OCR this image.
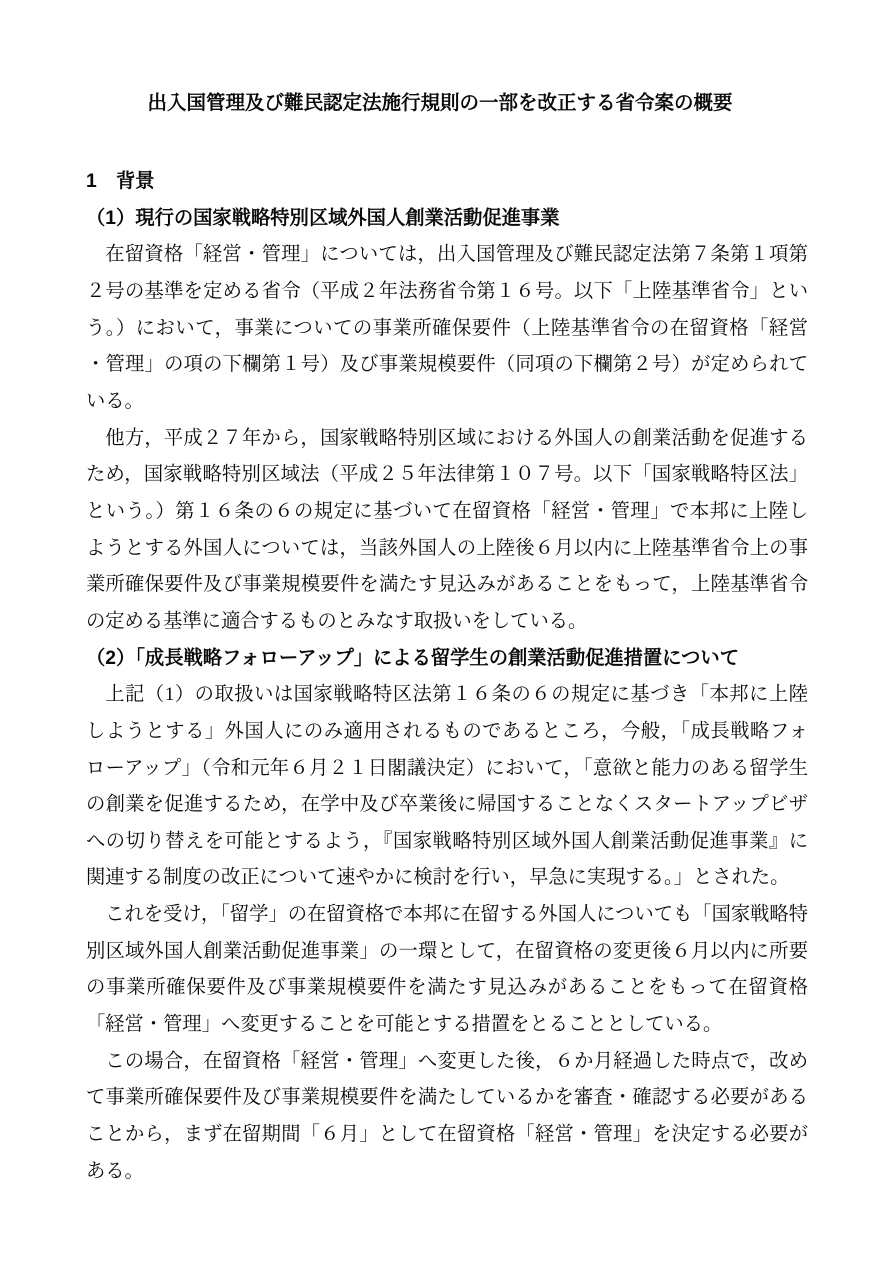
出入国管理及び難民認定法施行規則の一部を改正する省令案の概要
1　背景
（1）現行の国家戦略特別区域外国人創業活動促進事業

在留資格「経営・管理」については，出入国管理及び難民認定法第７条第１項第２号の基準を定める省令（平成２年法務省令第１６号。以下「上陸基準省令」という。）において，事業についての事業所確保要件（上陸基準省令の在留資格「経営・管理」の項の下欄第１号）及び事業規模要件（同項の下欄第２号）が定められている。

他方，平成２７年から，国家戦略特別区域における外国人の創業活動を促進するため，国家戦略特別区域法（平成２５年法律第１０７号。以下「国家戦略特区法」という。）第１６条の６の規定に基づいて在留資格「経営・管理」で本邦に上陸しようとする外国人については，当該外国人の上陸後６月以内に上陸基準省令上の事業所確保要件及び事業規模要件を満たす見込みがあることをもって，上陸基準省令の定める基準に適合するものとみなす取扱いをしている。

（2）「成長戦略フォローアップ」による留学生の創業活動促進措置について

上記（1）の取扱いは国家戦略特区法第１６条の６の規定に基づき「本邦に上陸しようとする」外国人にのみ適用されるものであるところ，今般，「成長戦略フォローアップ」（令和元年６月２１日閣議決定）において，「意欲と能力のある留学生の創業を促進するため，在学中及び卒業後に帰国することなくスタートアップビザへの切り替えを可能とするよう，『国家戦略特別区域外国人創業活動促進事業』に関連する制度の改正について速やかに検討を行い，早急に実現する。」とされた。

これを受け，「留学」の在留資格で本邦に在留する外国人についても「国家戦略特別区域外国人創業活動促進事業」の一環として，在留資格の変更後６月以内に所要の事業所確保要件及び事業規模要件を満たす見込みがあることをもって在留資格「経営・管理」へ変更することを可能とする措置をとることとしている。

この場合，在留資格「経営・管理」へ変更した後，６か月経過した時点で，改めて事業所確保要件及び事業規模要件を満たしているかを審査・確認する必要があることから，まず在留期間「６月」として在留資格「経営・管理」を決定する必要がある。
